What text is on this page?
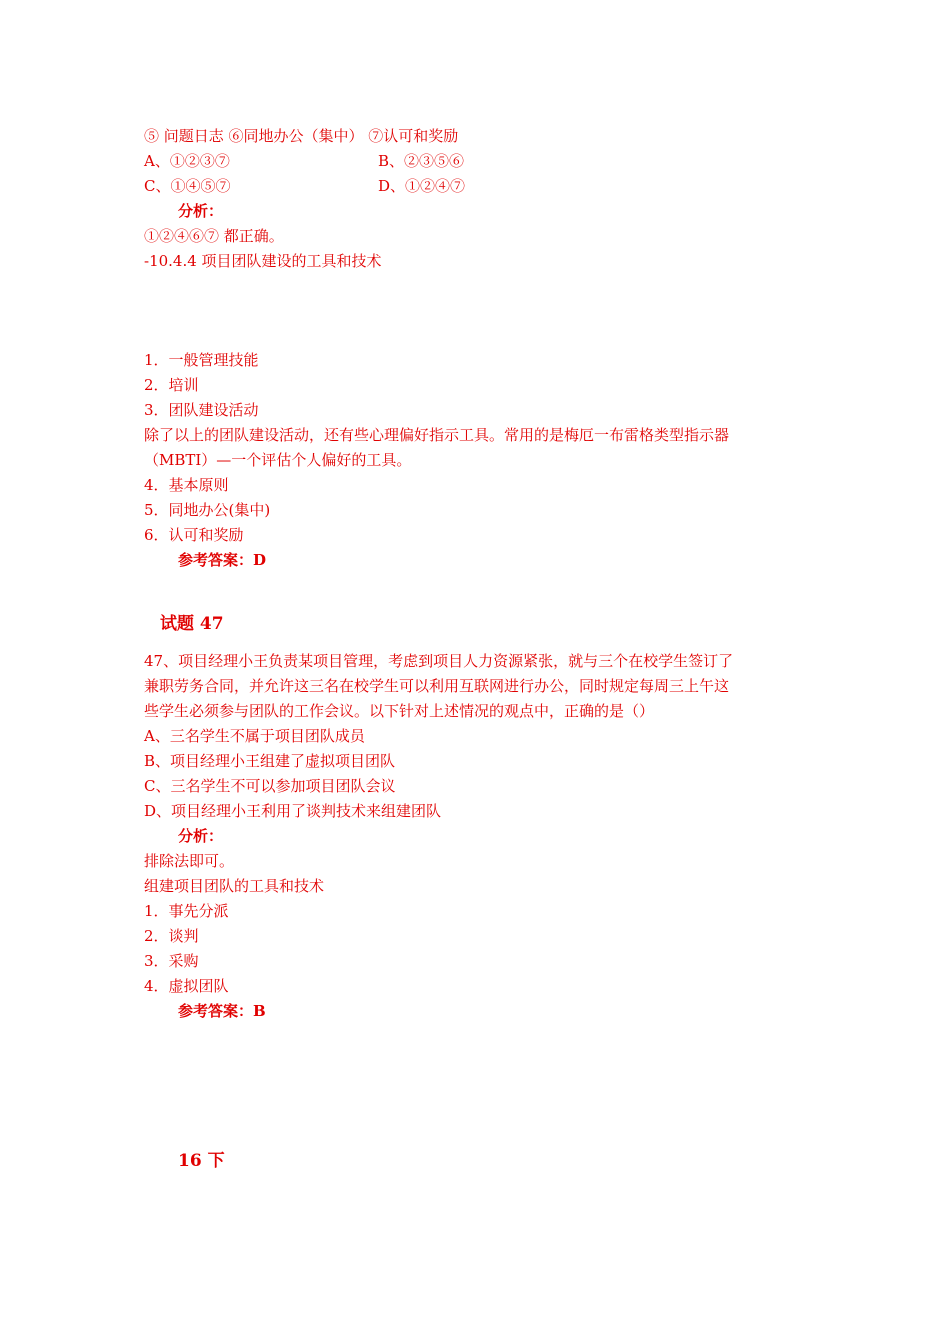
⑤ 问题日志 ⑥同地办公（集中） ⑦认可和奖励
A、①②③⑦	B、②③⑤⑥
C、①④⑤⑦	D、①②④⑦
分析：
①②④⑥⑦ 都正确。
-10.4.4 项目团队建设的工具和技术
1．一般管理技能
2．培训
3．团队建设活动
除了以上的团队建设活动，还有些心理偏好指示工具。常用的是梅厄一布雷格类型指示器
（MBTI）—一个评估个人偏好的工具。
4．基本原则
5．同地办公(集中)
6．认可和奖励
参考答案：D
试题 47
47、项目经理小王负责某项目管理，考虑到项目人力资源紧张，就与三个在校学生签订了
兼职劳务合同，并允许这三名在校学生可以利用互联网进行办公，同时规定每周三上午这
些学生必须参与团队的工作会议。以下针对上述情况的观点中，正确的是（）
A、三名学生不属于项目团队成员
B、项目经理小王组建了虚拟项目团队
C、三名学生不可以参加项目团队会议
D、项目经理小王利用了谈判技术来组建团队
分析：
排除法即可。
组建项目团队的工具和技术
1．事先分派
2．谈判
3．采购
4．虚拟团队
参考答案：B
16 下
